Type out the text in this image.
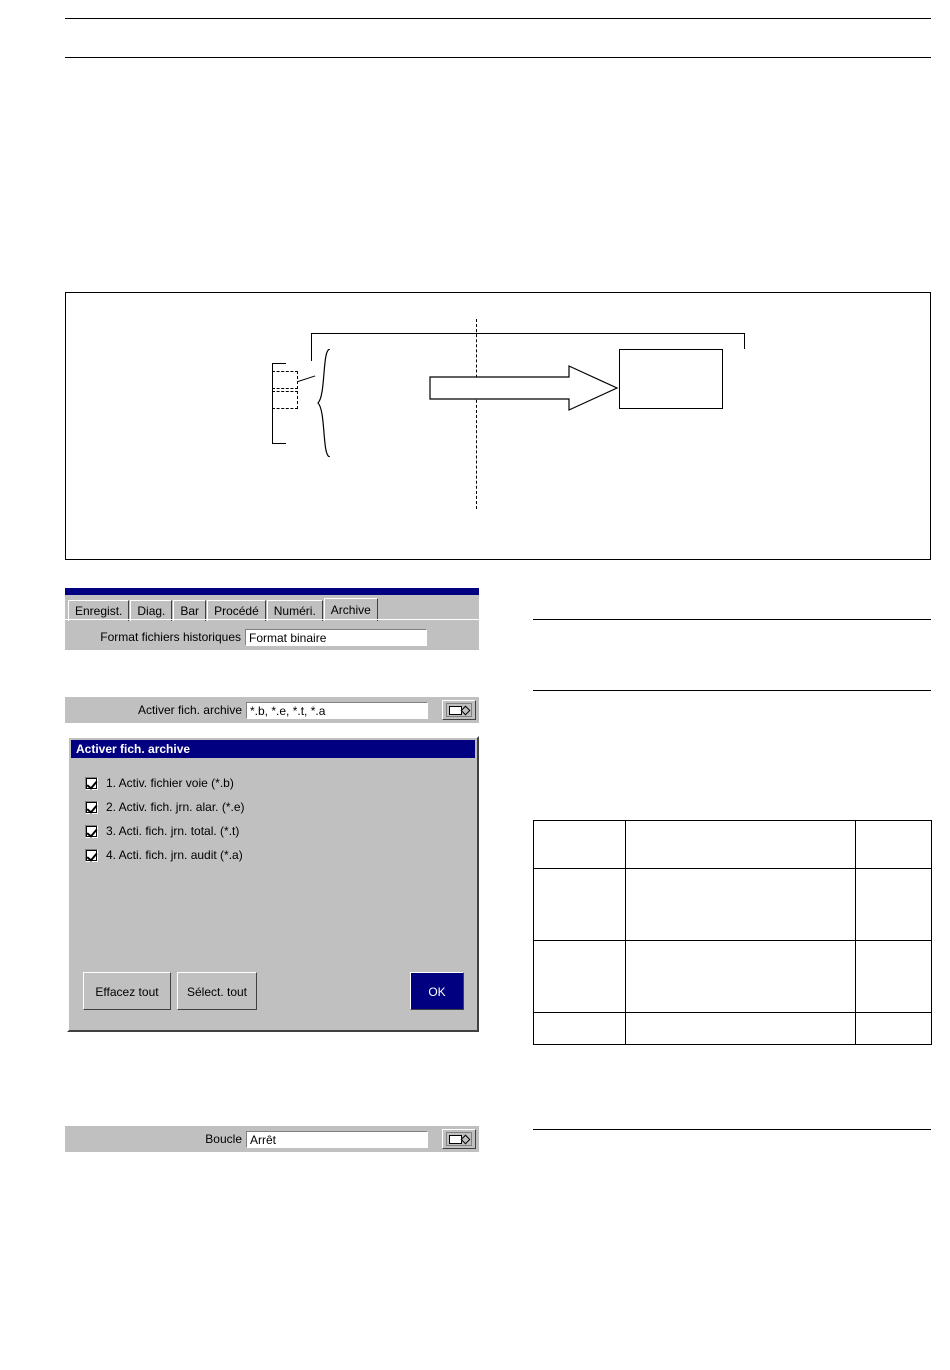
Enregist.	Diag.	Bar	Procédé	Numéri.	Archive
Format fichiers historiques Format binaire
Activer fich. archive *.b, *.e, *.t, *.a
Activer fich. archive
1. Activ. fichier voie (*.b)
2. Activ. fich. jrn. alar. (*.e)
3. Acti. fich. jrn. total. (*.t)
4. Acti. fich. jrn. audit (*.a)
Effacez tout	Sélect. tout	OK
Boucle Arrêt
